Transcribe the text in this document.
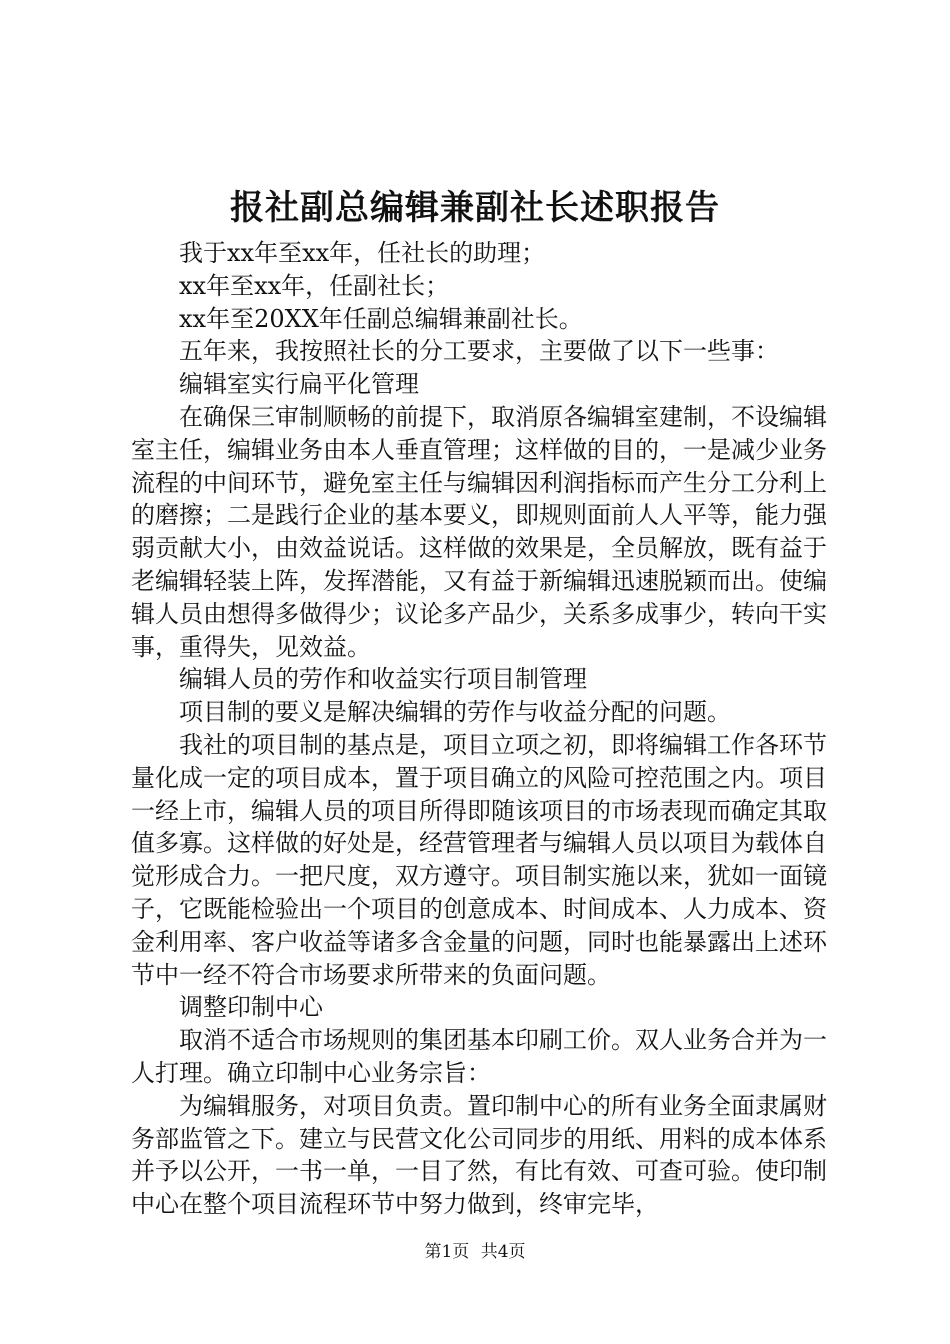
报社副总编辑兼副社长述职报告

我于xx年至xx年，任社长的助理；

xx年至xx年，任副社长；

xx年至20XX年任副总编辑兼副社长。

五年来，我按照社长的分工要求，主要做了以下一些事：

编辑室实行扁平化管理

在确保三审制顺畅的前提下，取消原各编辑室建制，不设编辑室主任，编辑业务由本人垂直管理；这样做的目的，一是减少业务流程的中间环节，避免室主任与编辑因利润指标而产生分工分利上的磨擦；二是践行企业的基本要义，即规则面前人人平等，能力强弱贡献大小，由效益说话。这样做的效果是，全员解放，既有益于老编辑轻装上阵，发挥潜能，又有益于新编辑迅速脱颖而出。使编辑人员由想得多做得少；议论多产品少，关系多成事少，转向干实事，重得失，见效益。

编辑人员的劳作和收益实行项目制管理

项目制的要义是解决编辑的劳作与收益分配的问题。

我社的项目制的基点是，项目立项之初，即将编辑工作各环节量化成一定的项目成本，置于项目确立的风险可控范围之内。项目一经上市，编辑人员的项目所得即随该项目的市场表现而确定其取值多寡。这样做的好处是，经营管理者与编辑人员以项目为载体自觉形成合力。一把尺度，双方遵守。项目制实施以来，犹如一面镜子，它既能检验出一个项目的创意成本、时间成本、人力成本、资金利用率、客户收益等诸多含金量的问题，同时也能暴露出上述环节中一经不符合市场要求所带来的负面问题。

调整印制中心

取消不适合市场规则的集团基本印刷工价。双人业务合并为一人打理。确立印制中心业务宗旨：

为编辑服务，对项目负责。置印制中心的所有业务全面隶属财务部监管之下。建立与民营文化公司同步的用纸、用料的成本体系并予以公开，一书一单，一目了然，有比有效、可查可验。使印制中心在整个项目流程环节中努力做到，终审完毕，

第1页 共4页
